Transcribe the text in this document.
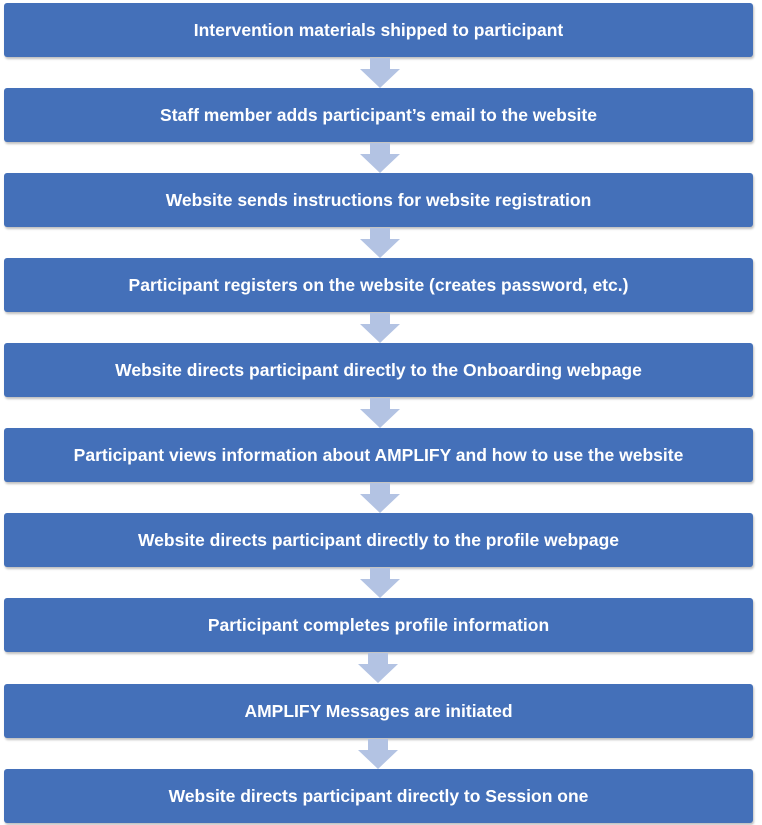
Intervention materials shipped to participant
Staff member adds participant’s email to the website
Website sends instructions for website registration
Participant registers on the website (creates password, etc.)
Website directs participant directly to the Onboarding webpage
Participant views information about AMPLIFY and how to use the website
Website directs participant directly to the profile webpage
Participant completes profile information
AMPLIFY Messages are initiated
Website directs participant directly to Session one
